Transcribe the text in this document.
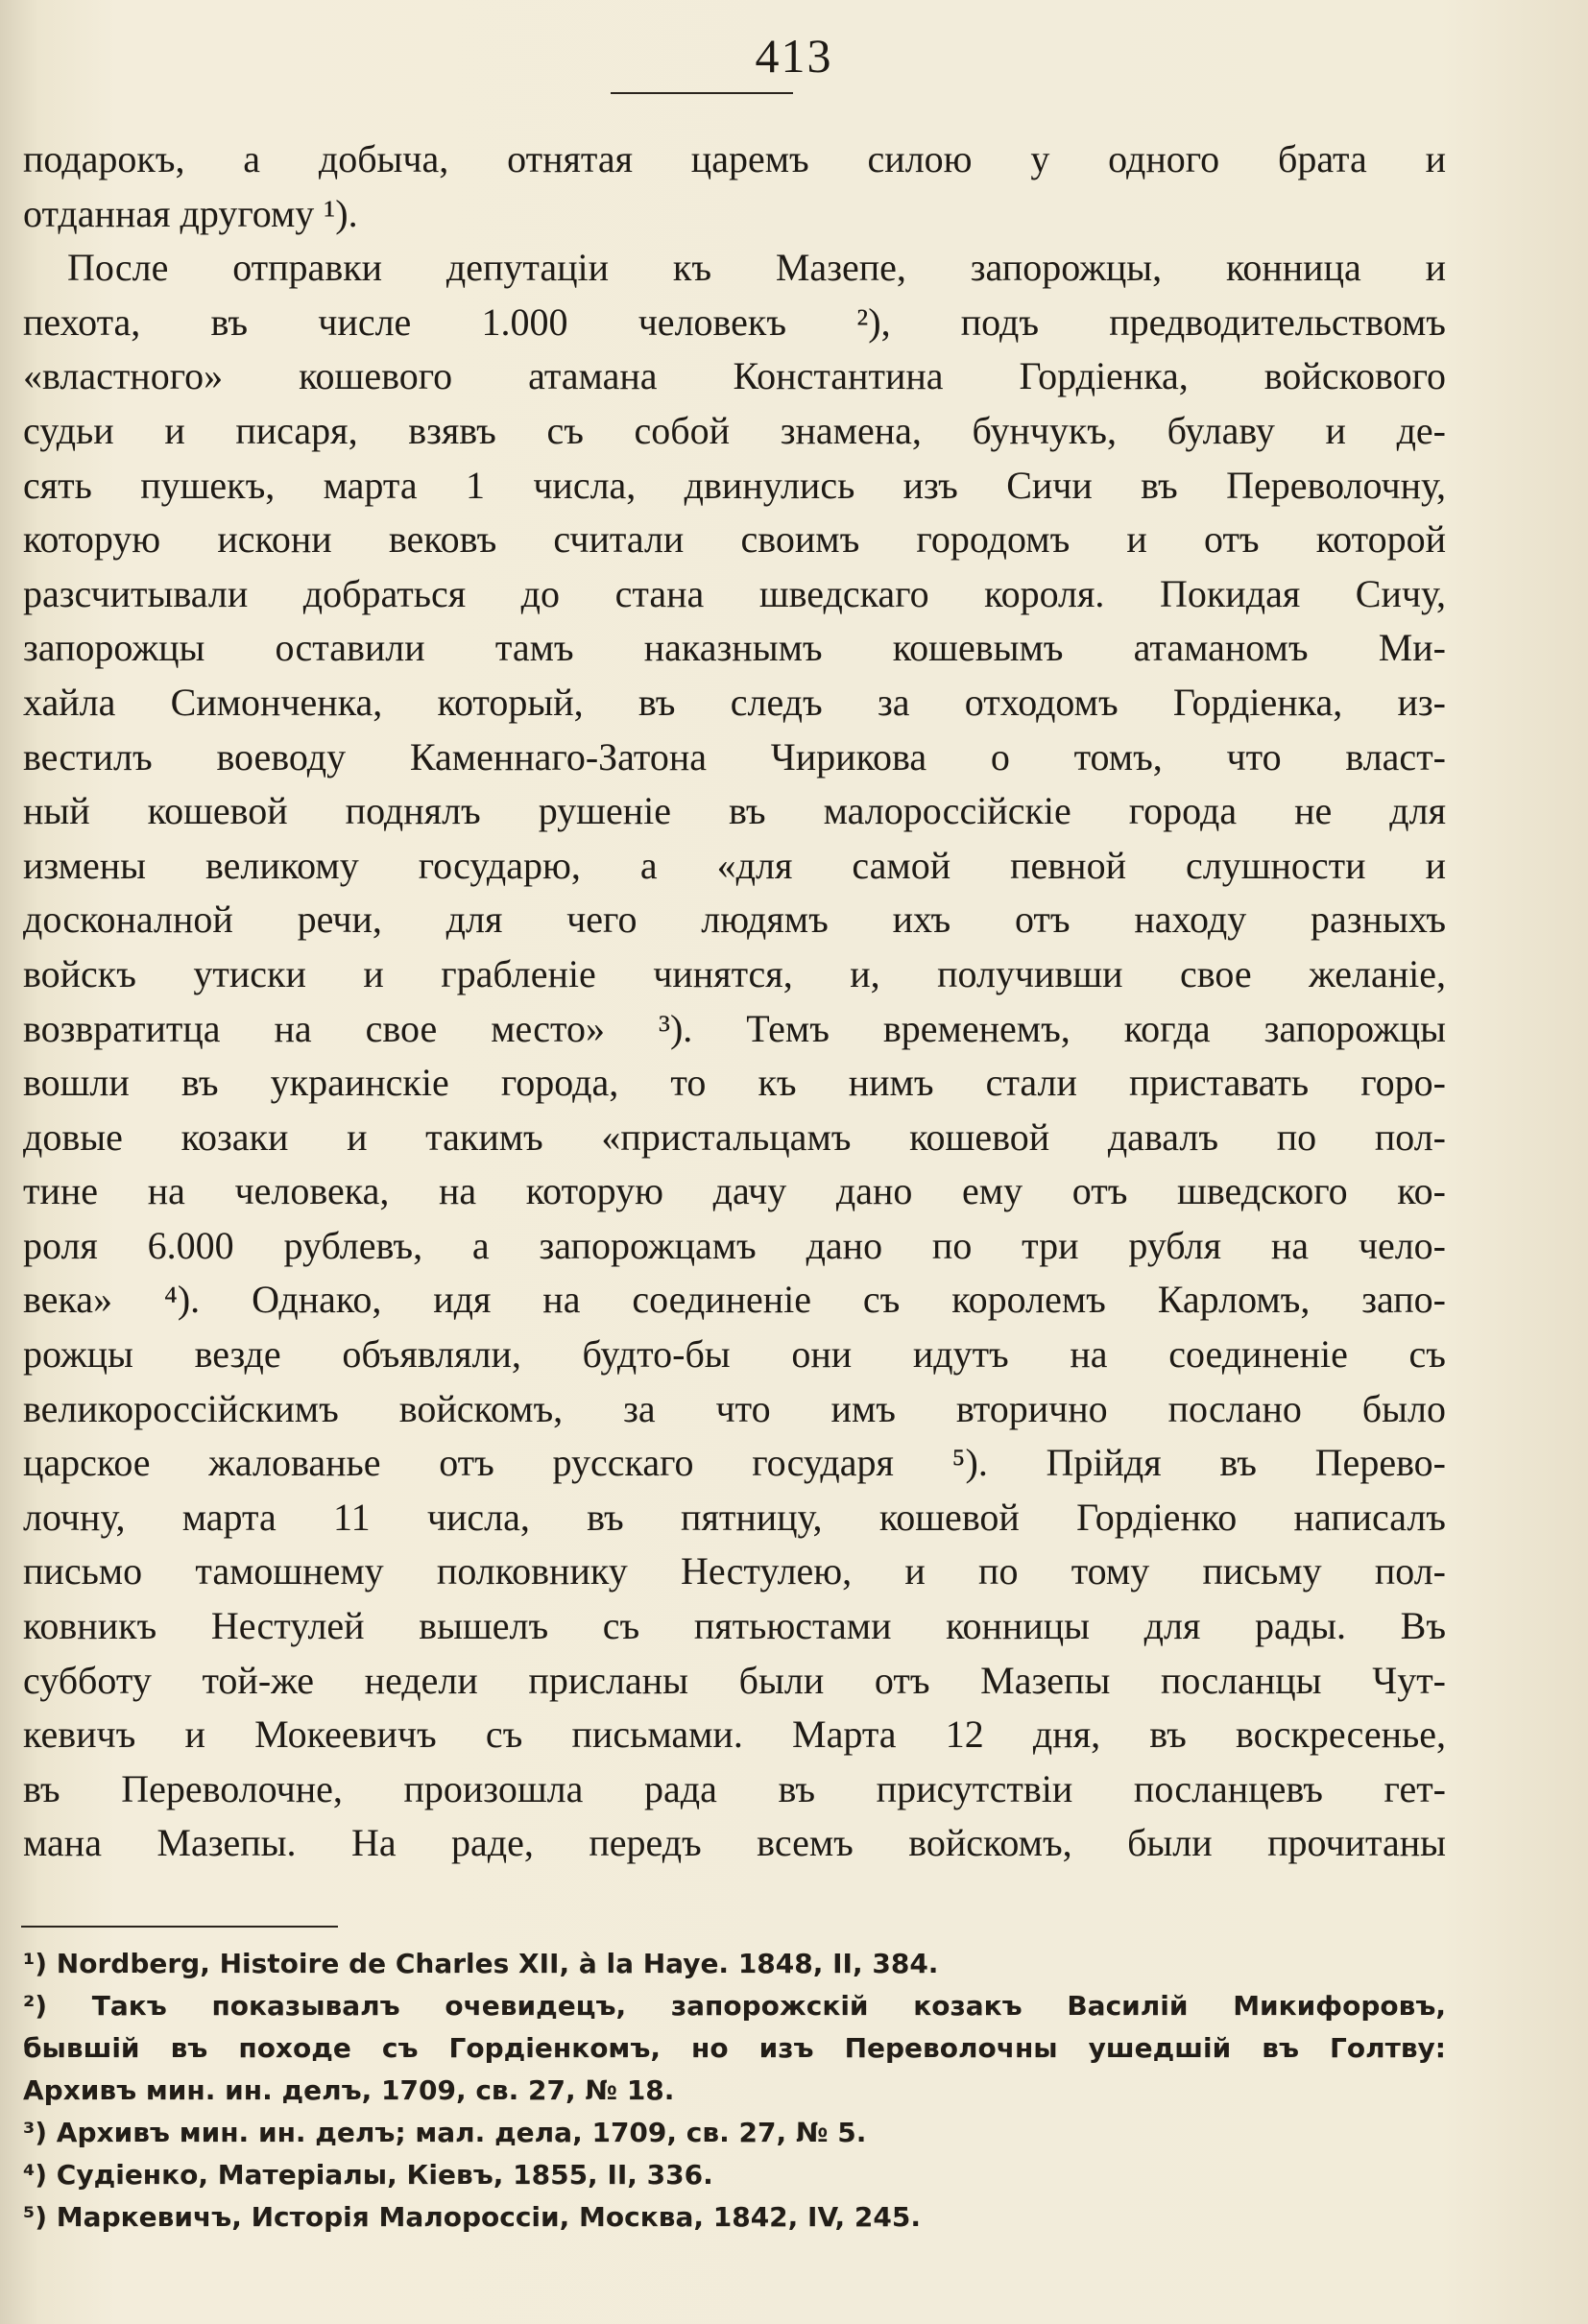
413
подарокъ, а добыча, отнятая царемъ силою у одного брата и
отданная другому ¹).
После отправки депутаціи къ Мазепе, запорожцы, конница и
пехота, въ числе 1.000 человекъ ²), подъ предводительствомъ
«властного» кошевого атамана Константина Гордіенка, войскового
судьи и писаря, взявъ съ собой знамена, бунчукъ, булаву и де-
сять пушекъ, марта 1 числа, двинулись изъ Сичи въ Переволочну,
которую искони вековъ считали своимъ городомъ и отъ которой
разсчитывали добраться до стана шведскаго короля. Покидая Сичу,
запорожцы оставили тамъ наказнымъ кошевымъ атаманомъ Ми-
хайла Симонченка, который, въ следъ за отходомъ Гордіенка, из-
вестилъ воеводу Каменнаго-Затона Чирикова о томъ, что власт-
ный кошевой поднялъ рушеніе въ малороссійскіе города не для
измены великому государю, а «для самой певной слушности и
досконалной речи, для чего людямъ ихъ отъ находу разныхъ
войскъ утиски и грабленіе чинятся, и, получивши свое желаніе,
возвратитца на свое место» ³). Темъ временемъ, когда запорожцы
вошли въ украинскіе города, то къ нимъ стали приставать горо-
довые козаки и такимъ «пристальцамъ кошевой давалъ по пол-
тине на человека, на которую дачу дано ему отъ шведского ко-
роля 6.000 рублевъ, а запорожцамъ дано по три рубля на чело-
века» ⁴). Однако, идя на соединеніе съ королемъ Карломъ, запо-
рожцы везде объявляли, будто-бы они идутъ на соединеніе съ
великороссійскимъ войскомъ, за что имъ вторично послано было
царское жалованье отъ русскаго государя ⁵). Прійдя въ Перево-
лочну, марта 11 числа, въ пятницу, кошевой Гордіенко написалъ
письмо тамошнему полковнику Нестулею, и по тому письму пол-
ковникъ Нестулей вышелъ съ пятьюстами конницы для рады. Въ
субботу той-же недели присланы были отъ Мазепы посланцы Чут-
кевичъ и Мокеевичъ съ письмами. Марта 12 дня, въ воскресенье,
въ Переволочне, произошла рада въ присутствіи посланцевъ гет-
мана Мазепы. На раде, передъ всемъ войскомъ, были прочитаны
¹) Nordberg, Histoire de Charles XII, à la Haye. 1848, II, 384.
²) Такъ показывалъ очевидецъ, запорожскій козакъ Василій Микифоровъ,
бывшій въ походе съ Гордіенкомъ, но изъ Переволочны ушедшій въ Голтву:
Архивъ мин. ин. делъ, 1709, св. 27, № 18.
³) Архивъ мин. ин. делъ; мал. дела, 1709, св. 27, № 5.
⁴) Судіенко, Матеріалы, Кіевъ, 1855, II, 336.
⁵) Маркевичъ, Исторія Малороссіи, Москва, 1842, IV, 245.
